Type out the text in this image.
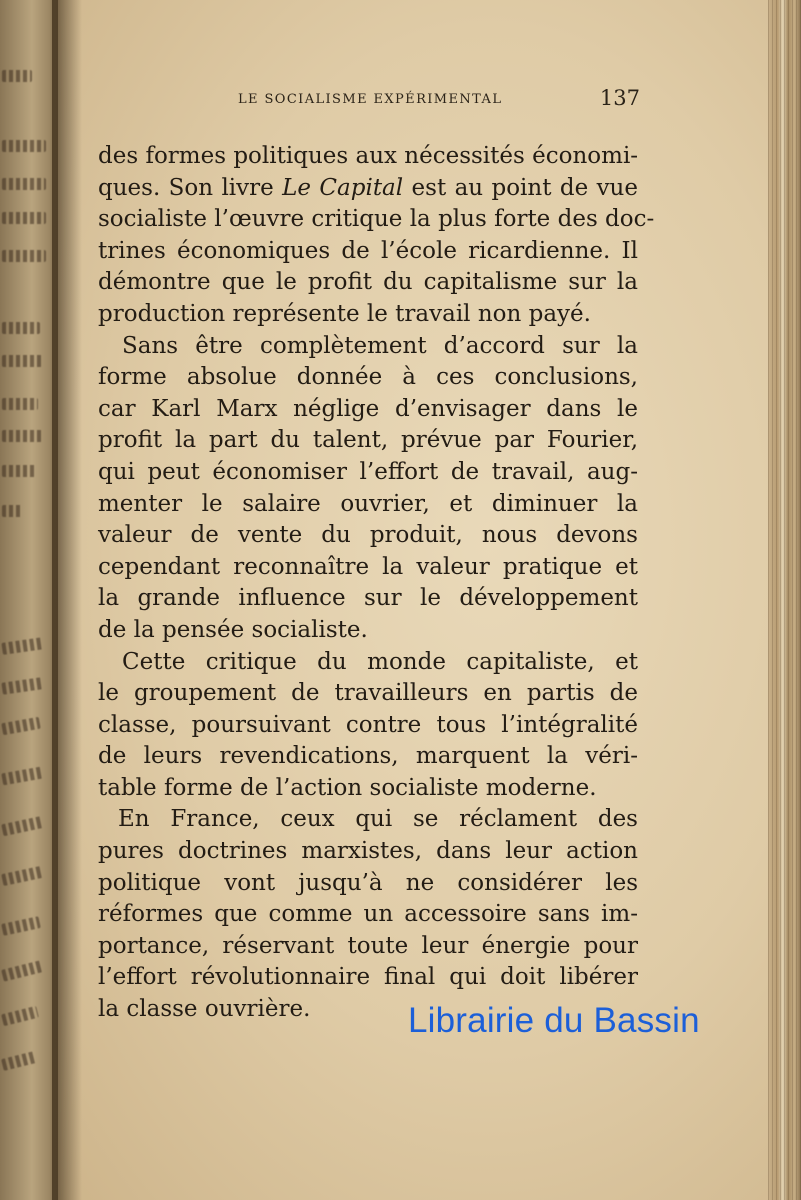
LE SOCIALISME EXPÉRIMENTAL	137
des formes politiques aux nécessités économi-
ques. Son livre Le Capital est au point de vue
socialiste l’œuvre critique la plus forte des doc-
trines économiques de l’école ricardienne. Il
démontre que le profit du capitalisme sur la
production représente le travail non payé.
Sans être complètement d’accord sur la
forme absolue donnée à ces conclusions,
car Karl Marx néglige d’envisager dans le
profit la part du talent, prévue par Fourier,
qui peut économiser l’effort de travail, aug-
menter le salaire ouvrier, et diminuer la
valeur de vente du produit, nous devons
cependant reconnaître la valeur pratique et
la grande influence sur le développement
de la pensée socialiste.
Cette critique du monde capitaliste, et
le groupement de travailleurs en partis de
classe, poursuivant contre tous l’intégralité
de leurs revendications, marquent la véri-
table forme de l’action socialiste moderne.
En France, ceux qui se réclament des
pures doctrines marxistes, dans leur action
politique vont jusqu’à ne considérer les
réformes que comme un accessoire sans im-
portance, réservant toute leur énergie pour
l’effort révolutionnaire final qui doit libérer
la classe ouvrière.	Librairie du Bassin
